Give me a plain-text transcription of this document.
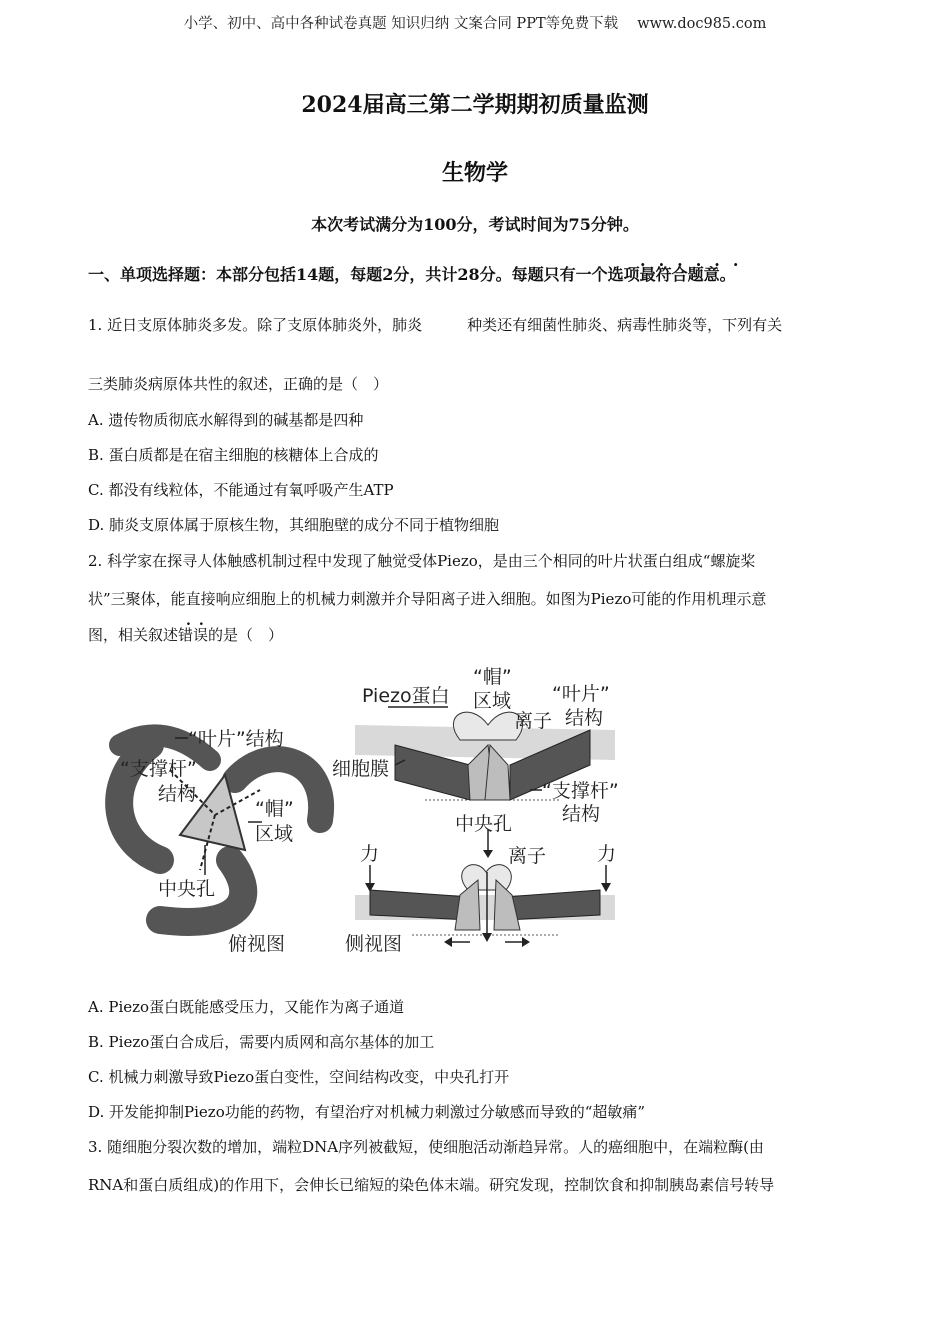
小学、初中、高中各种试卷真题 知识归纳 文案合同 PPT等免费下载　 www.doc985.com
2024届高三第二学期期初质量监测
生物学
本次考试满分为100分，考试时间为75分钟。
......
一、单项选择题：本部分包括14题，每题2分，共计28分。每题只有一个选项最符合题意。
1. 近日支原体肺炎多发。除了支原体肺炎外，肺炎　　　种类还有细菌性肺炎、病毒性肺炎等，下列有关
三类肺炎病原体共性的叙述，正确的是（　）
A. 遗传物质彻底水解得到的碱基都是四种
B. 蛋白质都是在宿主细胞的核糖体上合成的
C. 都没有线粒体，不能通过有氧呼吸产生ATP
D. 肺炎支原体属于原核生物，其细胞壁的成分不同于植物细胞
2. 科学家在探寻人体触感机制过程中发现了触觉受体Piezo，是由三个相同的叶片状蛋白组成“螺旋桨
状”三聚体，能直接响应细胞上的机械力刺激并介导阳离子进入细胞。如图为Piezo可能的作用机理示意
..
图，相关叙述错误的是（　）
“叶片”结构
“支撑杆”
结构
“帽”
区域
中央孔
俯视图
Piezo蛋白
“帽”
区域
离子
“叶片”
结构
细胞膜
“支撑杆”
结构
中央孔
离子
力	力
侧视图
A. Piezo蛋白既能感受压力，又能作为离子通道
B. Piezo蛋白合成后，需要内质网和高尔基体的加工
C. 机械力刺激导致Piezo蛋白变性，空间结构改变，中央孔打开
D. 开发能抑制Piezo功能的药物，有望治疗对机械力刺激过分敏感而导致的“超敏痛”
3. 随细胞分裂次数的增加，端粒DNA序列被截短，使细胞活动渐趋异常。人的癌细胞中，在端粒酶(由
RNA和蛋白质组成)的作用下，会伸长已缩短的染色体末端。研究发现，控制饮食和抑制胰岛素信号转导
